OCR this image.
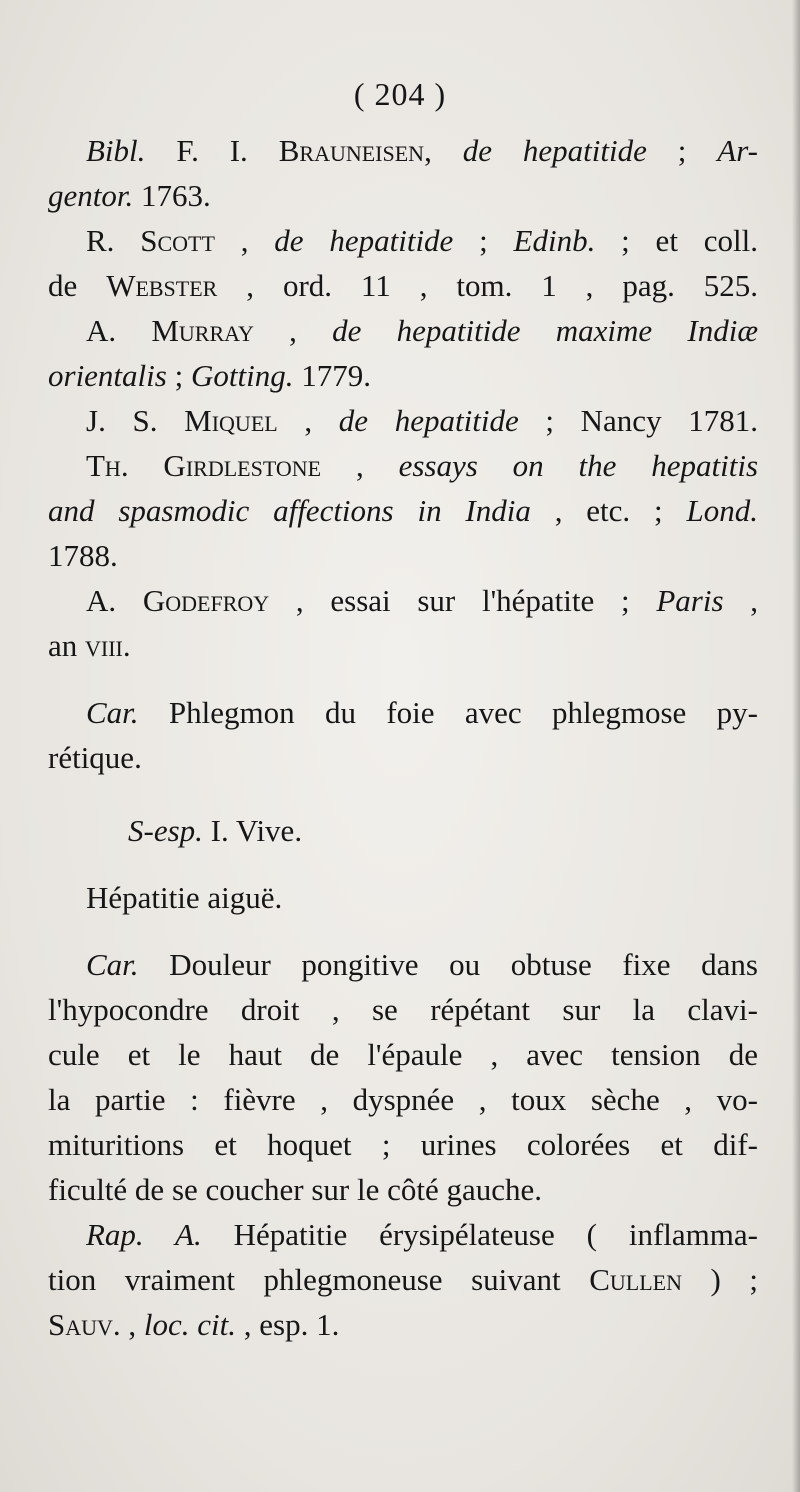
( 204 )
Bibl. F. I. Brauneisen, de hepatitide ; Ar-
gentor. 1763.
R. Scott , de hepatitide ; Edinb. ; et coll.
de Webster , ord. 11 , tom. 1 , pag. 525.
A. Murray , de hepatitide maxime Indiæ
orientalis ; Gotting. 1779.
J. S. Miquel , de hepatitide ; Nancy 1781.
Th. Girdlestone , essays on the hepatitis
and spasmodic affections in India , etc. ; Lond.
1788.
A. Godefroy , essai sur l'hépatite ; Paris ,
an viii.
Car. Phlegmon du foie avec phlegmose py-
rétique.
S-esp. I. Vive.
Hépatitie aiguë.
Car. Douleur pongitive ou obtuse fixe dans
l'hypocondre droit , se répétant sur la clavi-
cule et le haut de l'épaule , avec tension de
la partie : fièvre , dyspnée , toux sèche , vo-
mituritions et hoquet ; urines colorées et dif-
ficulté de se coucher sur le côté gauche.
Rap. A. Hépatitie érysipélateuse ( inflamma-
tion vraiment phlegmoneuse suivant Cullen ) ;
Sauv. , loc. cit. , esp. 1.
